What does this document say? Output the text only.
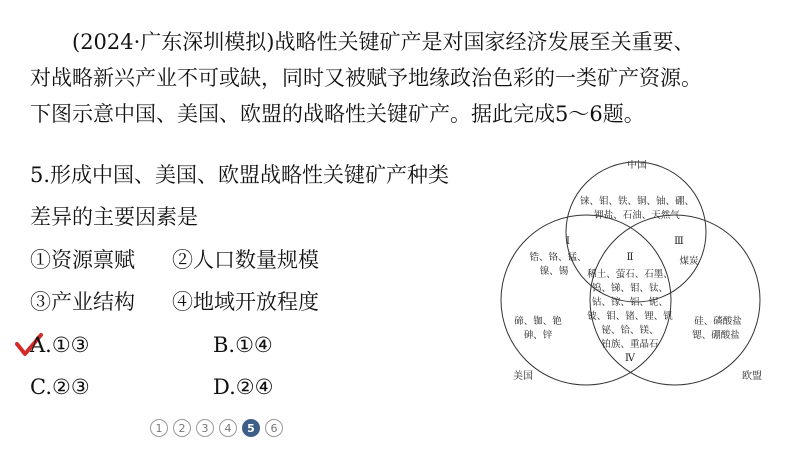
(2024·广东深圳模拟)战略性关键矿产是对国家经济发展至关重要、
对战略新兴产业不可或缺，同时又被赋予地缘政治色彩的一类矿产资源。
下图示意中国、美国、欧盟的战略性关键矿产。据此完成5～6题。
5.形成中国、美国、欧盟战略性关键矿产种类
差异的主要因素是
①资源禀赋 ②人口数量规模
③产业结构 ④地域开放程度
A.①③	B.①④
C.②③	D.②④
中国
美国	欧盟
铼、钼、铁、铜、铀、硼、
钾盐、石油、天然气
Ⅰ
锆、铬、锰、
镍、锡
Ⅲ
煤炭
Ⅱ
稀土、萤石、石墨、
钨、锑、钼、钛、
钴、镓、铝、铌、
铍、钼、锗、锂、钒
碲、铷、铯
砷、锌	铋、铪、镁、
铂族、重晶石
Ⅳ
硅、磷酸盐
锶、硼酸盐
1	2	3	4	5	6
